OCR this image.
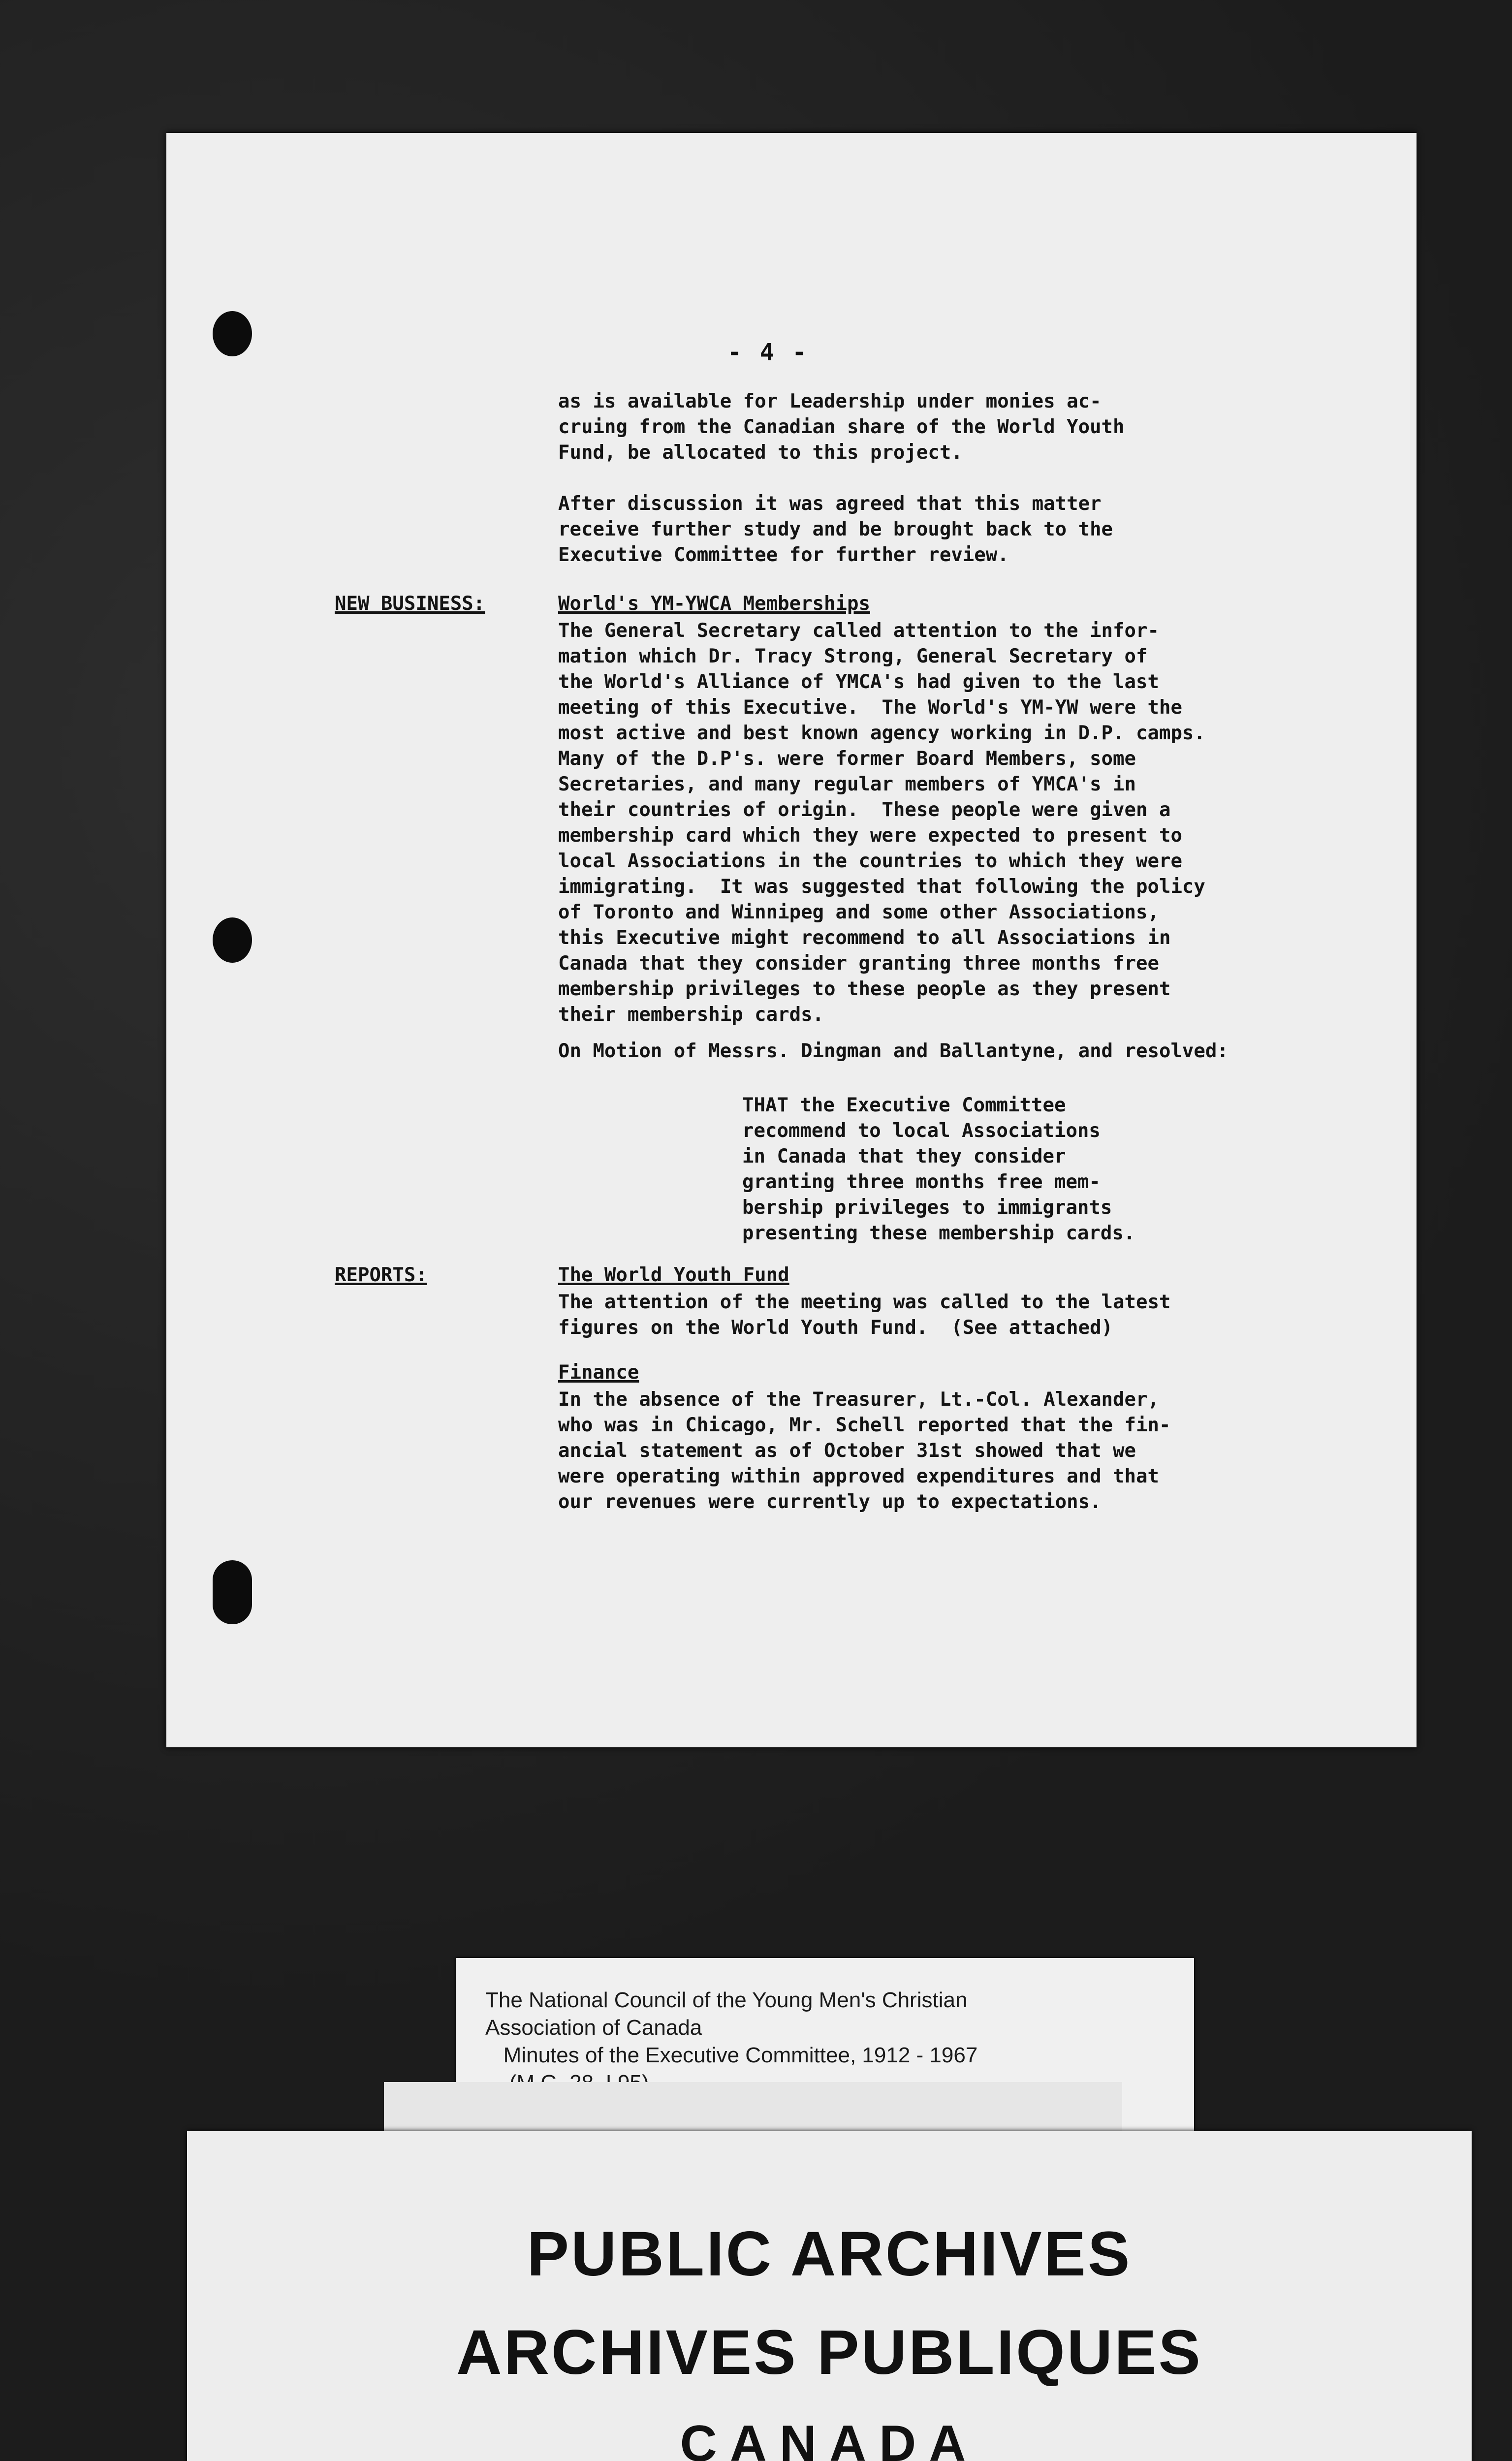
- 4 -
as is available for Leadership under monies ac-
cruing from the Canadian share of the World Youth
Fund, be allocated to this project.
After discussion it was agreed that this matter
receive further study and be brought back to the
Executive Committee for further review.
NEW BUSINESS:	World's YM-YWCA Memberships
The General Secretary called attention to the infor-
mation which Dr. Tracy Strong, General Secretary of
the World's Alliance of YMCA's had given to the last
meeting of this Executive.  The World's YM-YW were the
most active and best known agency working in D.P. camps.
Many of the D.P's. were former Board Members, some
Secretaries, and many regular members of YMCA's in
their countries of origin.  These people were given a
membership card which they were expected to present to
local Associations in the countries to which they were
immigrating.  It was suggested that following the policy
of Toronto and Winnipeg and some other Associations,
this Executive might recommend to all Associations in
Canada that they consider granting three months free
membership privileges to these people as they present
their membership cards.
On Motion of Messrs. Dingman and Ballantyne, and resolved:
THAT the Executive Committee
recommend to local Associations
in Canada that they consider
granting three months free mem-
bership privileges to immigrants
presenting these membership cards.
REPORTS:	The World Youth Fund
The attention of the meeting was called to the latest
figures on the World Youth Fund.  (See attached)
Finance
In the absence of the Treasurer, Lt.-Col. Alexander,
who was in Chicago, Mr. Schell reported that the fin-
ancial statement as of October 31st showed that we
were operating within approved expenditures and that
our revenues were currently up to expectations.
The National Council of the Young Men's Christian
Association of Canada
Minutes of the Executive Committee, 1912 - 1967

PUBLIC ARCHIVES
ARCHIVES PUBLIQUES
CANADA
